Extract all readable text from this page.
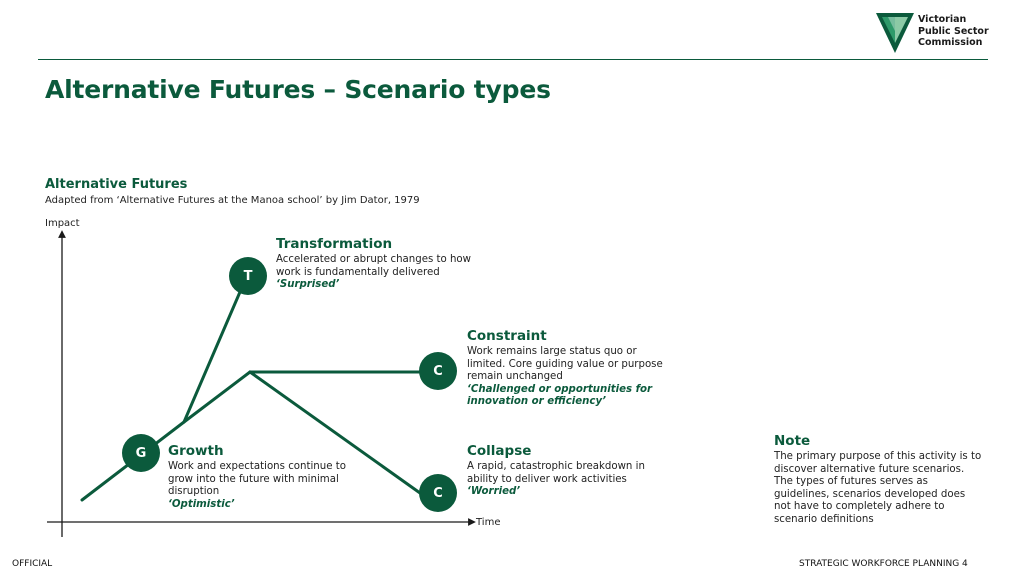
Victorian
Public Sector
Commission
Alternative Futures – Scenario types
Alternative Futures
Adapted from ‘Alternative Futures at the Manoa school’ by Jim Dator, 1979
Impact
Time
T
C
G
C
Transformation
Accelerated or abrupt changes to how
work is fundamentally delivered
‘Surprised’
Constraint
Work remains large status quo or
limited. Core guiding value or purpose
remain unchanged
‘Challenged or opportunities for
innovation or efficiency’
Growth
Work and expectations continue to
grow into the future with minimal
disruption
‘Optimistic’
Collapse
A rapid, catastrophic breakdown in
ability to deliver work activities
‘Worried’
Note
The primary purpose of this activity is to
discover alternative future scenarios.
The types of futures serves as
guidelines, scenarios developed does
not have to completely adhere to
scenario definitions
OFFICIAL	STRATEGIC WORKFORCE PLANNING 4
